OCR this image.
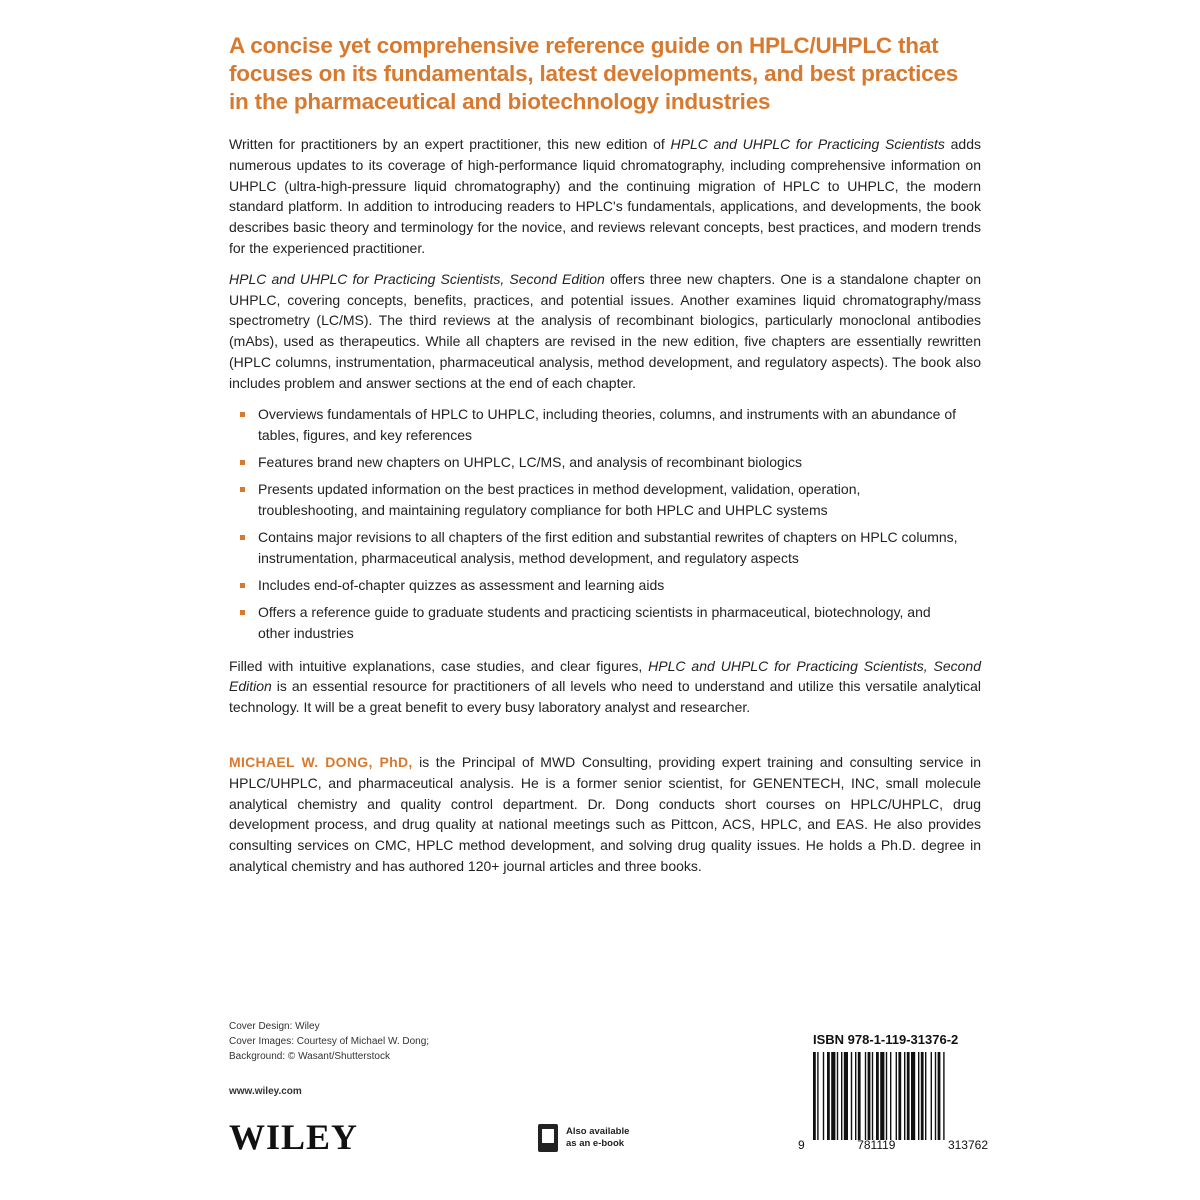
A concise yet comprehensive reference guide on HPLC/UHPLC that focuses on its fundamentals, latest developments, and best practices in the pharmaceutical and biotechnology industries

Written for practitioners by an expert practitioner, this new edition of HPLC and UHPLC for Practicing Scientists adds numerous updates to its coverage of high-performance liquid chromatography, including comprehensive information on UHPLC (ultra-high-pressure liquid chromatography) and the continuing migration of HPLC to UHPLC, the modern standard platform. In addition to introducing readers to HPLC's fundamentals, applications, and developments, the book describes basic theory and terminology for the novice, and reviews relevant concepts, best practices, and modern trends for the experienced practitioner.

HPLC and UHPLC for Practicing Scientists, Second Edition offers three new chapters. One is a standalone chapter on UHPLC, covering concepts, benefits, practices, and potential issues. Another examines liquid chromatography/mass spectrometry (LC/MS). The third reviews at the analysis of recombinant biologics, particularly monoclonal antibodies (mAbs), used as therapeutics. While all chapters are revised in the new edition, five chapters are essentially rewritten (HPLC columns, instrumentation, pharmaceutical analysis, method development, and regulatory aspects). The book also includes problem and answer sections at the end of each chapter.

Overviews fundamentals of HPLC to UHPLC, including theories, columns, and instruments with an abundance of tables, figures, and key references
Features brand new chapters on UHPLC, LC/MS, and analysis of recombinant biologics
Presents updated information on the best practices in method development, validation, operation, troubleshooting, and maintaining regulatory compliance for both HPLC and UHPLC systems
Contains major revisions to all chapters of the first edition and substantial rewrites of chapters on HPLC columns, instrumentation, pharmaceutical analysis, method development, and regulatory aspects
Includes end-of-chapter quizzes as assessment and learning aids
Offers a reference guide to graduate students and practicing scientists in pharmaceutical, biotechnology, and other industries

Filled with intuitive explanations, case studies, and clear figures, HPLC and UHPLC for Practicing Scientists, Second Edition is an essential resource for practitioners of all levels who need to understand and utilize this versatile analytical technology. It will be a great benefit to every busy laboratory analyst and researcher.

MICHAEL W. DONG, PhD, is the Principal of MWD Consulting, providing expert training and consulting service in HPLC/UHPLC, and pharmaceutical analysis. He is a former senior scientist, for GENENTECH, INC, small molecule analytical chemistry and quality control department. Dr. Dong conducts short courses on HPLC/UHPLC, drug development process, and drug quality at national meetings such as Pittcon, ACS, HPLC, and EAS. He also provides consulting services on CMC, HPLC method development, and solving drug quality issues. He holds a Ph.D. degree in analytical chemistry and has authored 120+ journal articles and three books.

Cover Design: Wiley
Cover Images: Courtesy of Michael W. Dong;
Background: © Wasant/Shutterstock
www.wiley.com
WILEY	Also available
as an e-book
ISBN 978-1-119-31376-2
9	781119	313762
